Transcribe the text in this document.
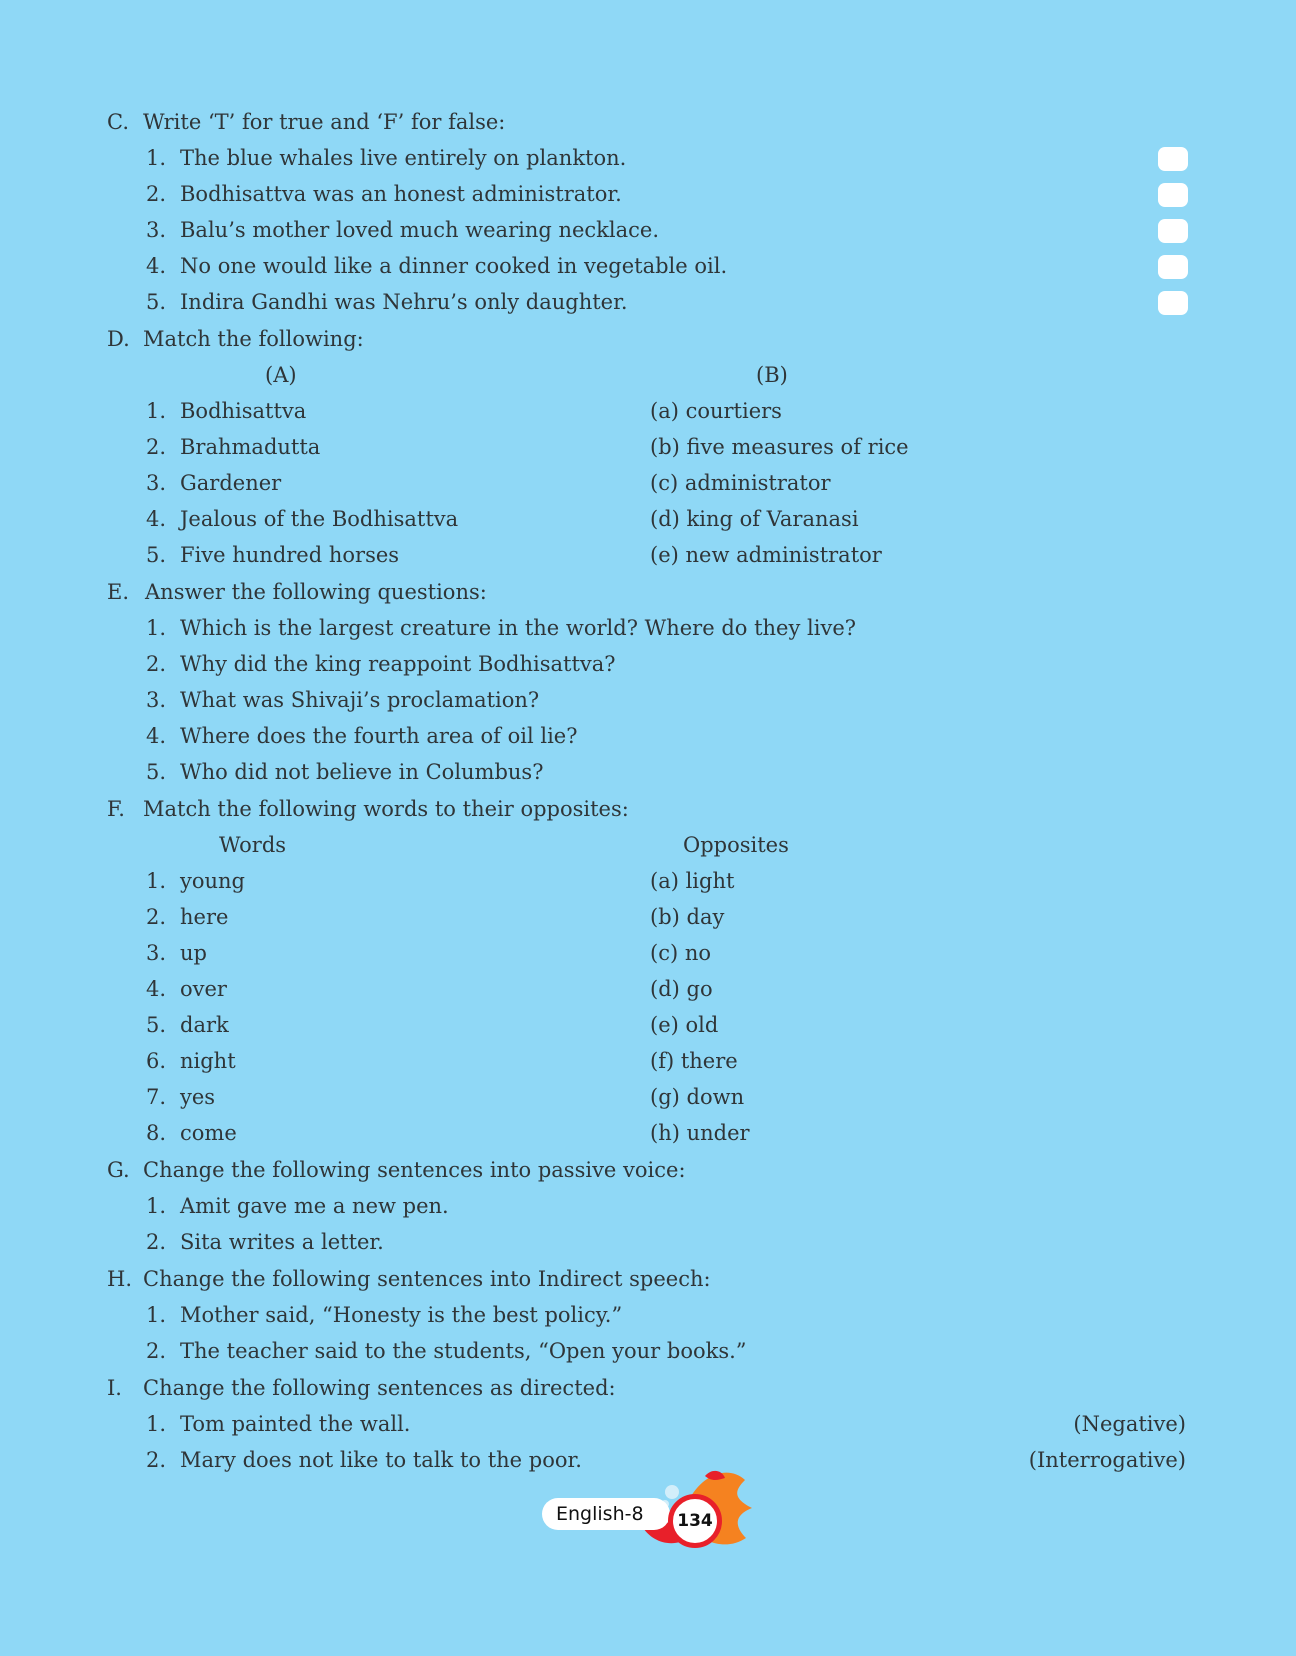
C. Write ‘T’ for true and ‘F’ for false:
1. The blue whales live entirely on plankton.
2. Bodhisattva was an honest administrator.
3. Balu’s mother loved much wearing necklace.
4. No one would like a dinner cooked in vegetable oil.
5. Indira Gandhi was Nehru’s only daughter.
D. Match the following:
(A)	(B)
1. Bodhisattva	(a) courtiers
2. Brahmadutta	(b) five measures of rice
3. Gardener	(c) administrator
4. Jealous of the Bodhisattva	(d) king of Varanasi
5. Five hundred horses	(e) new administrator
E. Answer the following questions:
1. Which is the largest creature in the world? Where do they live?
2. Why did the king reappoint Bodhisattva?
3. What was Shivaji’s proclamation?
4. Where does the fourth area of oil lie?
5. Who did not believe in Columbus?
F. Match the following words to their opposites:
Words	Opposites
1. young	(a) light
2. here	(b) day
3. up	(c) no
4. over	(d) go
5. dark	(e) old
6. night	(f) there
7. yes	(g) down
8. come	(h) under
G. Change the following sentences into passive voice:
1. Amit gave me a new pen.
2. Sita writes a letter.
H. Change the following sentences into Indirect speech:
1. Mother said, “Honesty is the best policy.”
2. The teacher said to the students, “Open your books.”
I. Change the following sentences as directed:
1. Tom painted the wall.	(Negative)
2. Mary does not like to talk to the poor.	(Interrogative)
English-8	134
